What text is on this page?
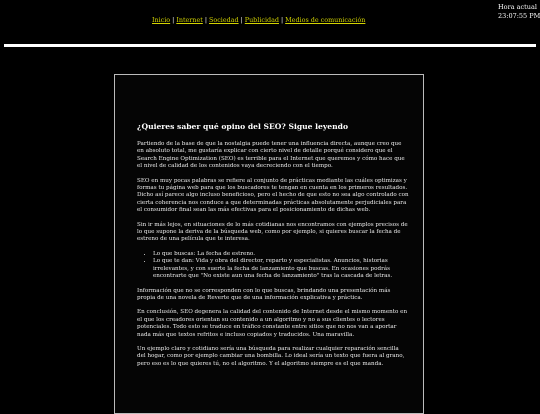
Hora actual
23:07:55 PM
Inicio | Internet | Sociedad | Publicidad | Medios de comunicación
¿Quieres saber qué opino del SEO? Sigue leyendo

Partiendo de la base de que la nostalgia puede tener una influencia directa, aunque creo que en absoluto total, me gustaría explicar con cierto nivel de detalle porqué considero que el Search Engine Optimization (SEO) es terrible para el Internet que queremos y cómo hace que el nivel de calidad de los contenidos vaya decreciendo con el tiempo.

SEO en muy pocas palabras se refiere al conjunto de prácticas mediante las cuáles optimizas y formas tu página web para que los buscadores te tengan en cuenta en los primeros resultados. Dicho así parece algo incluso beneficioso, pero el hecho de que esto no sea algo controlado con cierta coherencia nos conduce a que determinadas prácticas absolutamente perjudiciales para el consumidor final sean las más efectivas para el posicionamiento de dichas web.

Sin ir más lejos, en situaciones de lo más cotidianas nos encontramos con ejemplos precisos de lo que supone la deriva de la búsqueda web, como por ejemplo, si quieres buscar la fecha de estreno de una película que te interesa.

• Lo que buscas: La fecha de estreno.
• Lo que te dan: Vida y obra del director, reparto y especialistas. Anuncios, historias irrelevantes, y con suerte la fecha de lanzamiento que buscas. En ocasiones podrás encontrarte que "No existe aun una fecha de lanzamiento" tras la cascada de letras.

Información que no se corresponden con lo que buscas, brindando una presentación más propia de una novela de Reverte que de una información explicativa y práctica.

En conclusión, SEO degenera la calidad del contenido de Internet desde el mismo momento en el que los creadores orientan su contenido a un algoritmo y no a sus clientes o lectores potenciales. Todo esto se traduce en tráfico constante entre sitios que no nos van a aportar nada más que textos refritos e incluso copiados y traducidos. Una maravilla.

Un ejemplo claro y cotidiano sería una búsqueda para realizar cualquier reparación sencilla del hogar, como por ejemplo cambiar una bombilla. Lo ideal sería un texto que fuera al grano, pero eso es lo que quieres tú, no el algoritmo. Y el algoritmo siempre es el que manda.
